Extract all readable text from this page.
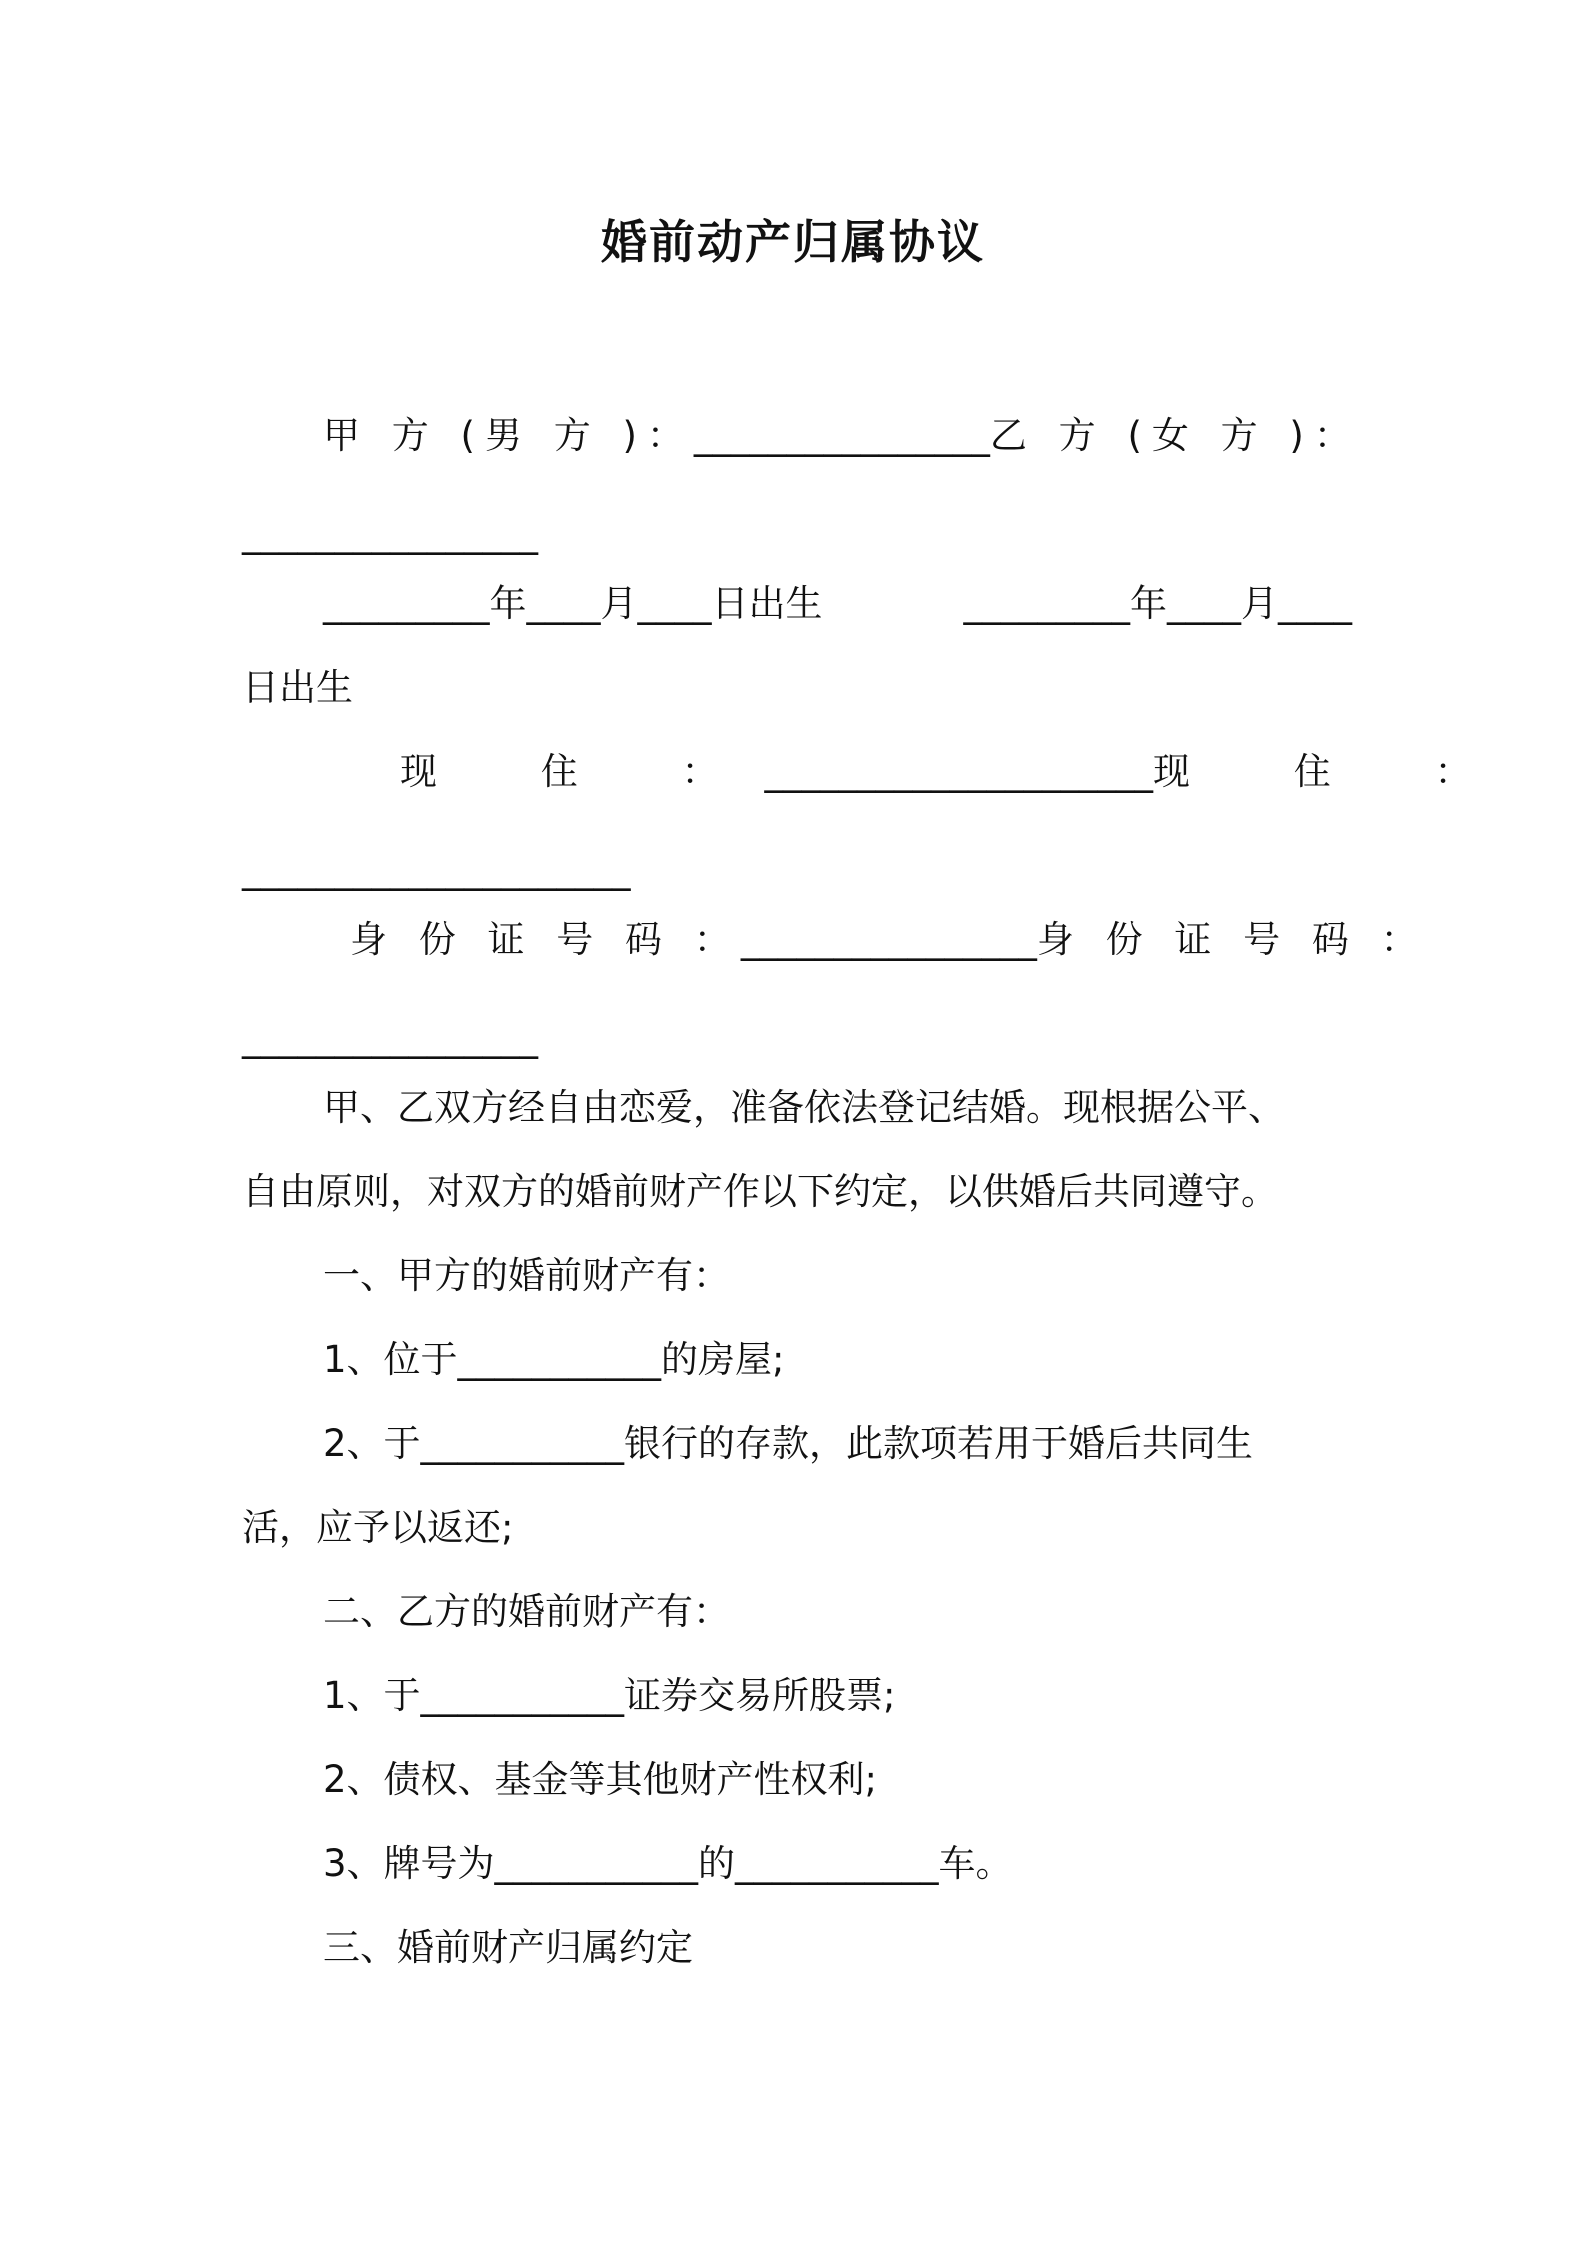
婚前动产归属协议
甲 方 (男 方 )： ________________ 乙 方 (女 方 )：
________________
_________年____月____日出生	_________年____月____
日出生
现 住 ： _____________________ 现 住 ：
_____________________
身 份 证 号 码 ： ________________ 身 份 证 号 码 ：
________________
甲、乙双方经自由恋爱，准备依法登记结婚。现根据公平、
自由原则，对双方的婚前财产作以下约定，以供婚后共同遵守。
一、甲方的婚前财产有：
1、位于___________的房屋;
2、于___________银行的存款，此款项若用于婚后共同生
活，应予以返还;
二、乙方的婚前财产有：
1、于___________证券交易所股票;
2、债权、基金等其他财产性权利;
3、牌号为___________的___________车。
三、婚前财产归属约定
